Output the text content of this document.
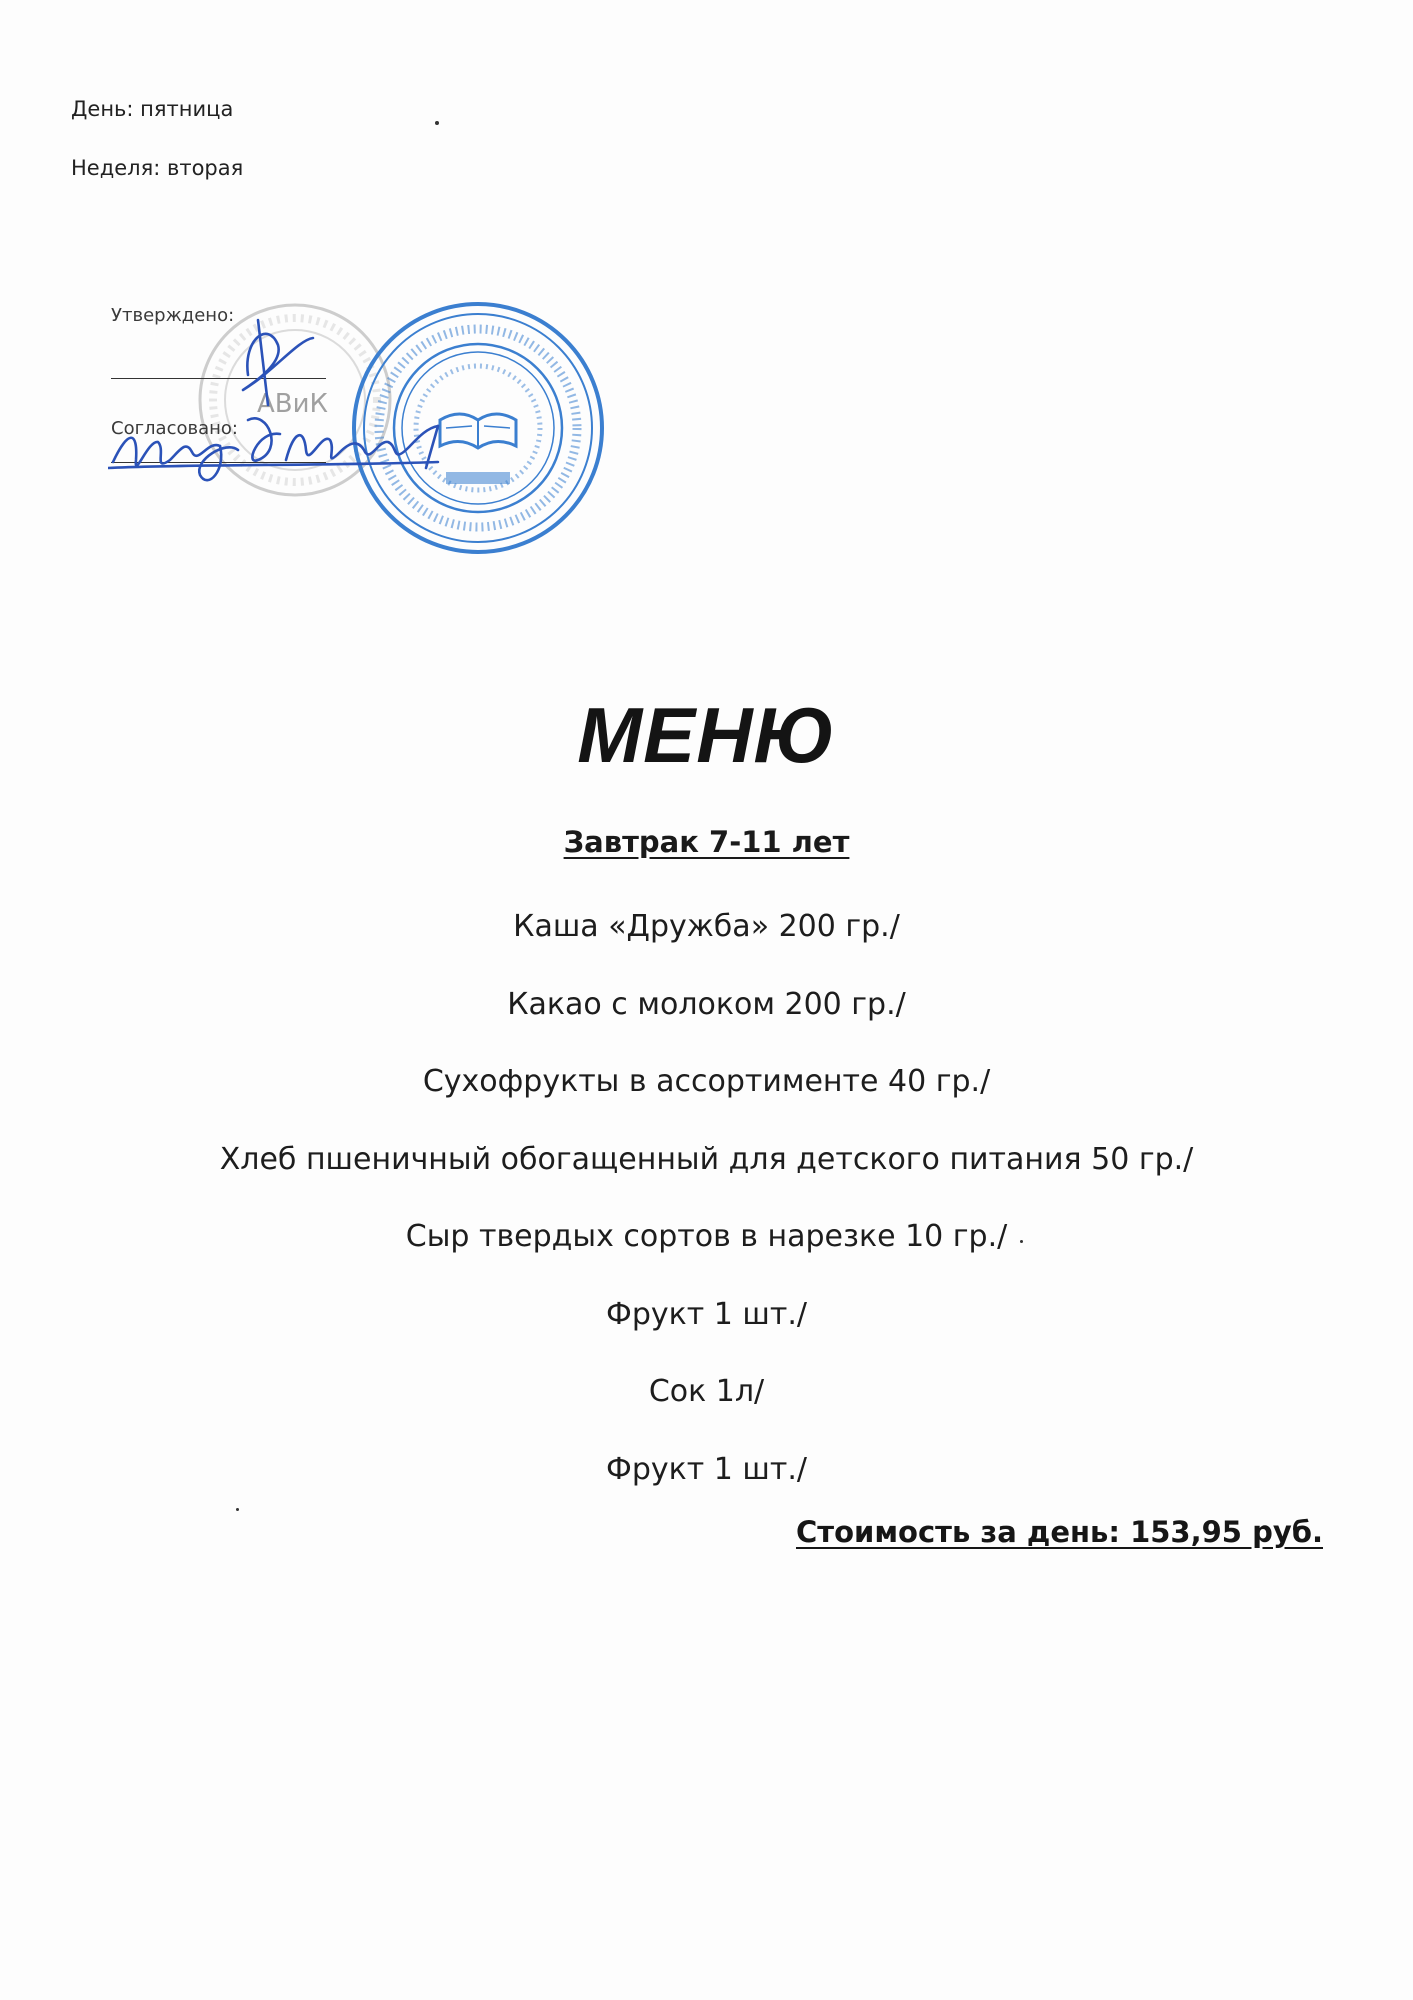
День: пятница
Неделя: вторая
АВиК
Утверждено:
Согласовано:
МЕНЮ
Завтрак 7-11 лет
Каша «Дружба» 200 гр./
Какао с молоком 200 гр./
Сухофрукты в ассортименте 40 гр./
Хлеб пшеничный обогащенный для детского питания 50 гр./
Сыр твердых сортов в нарезке 10 гр./
Фрукт 1 шт./
Сок 1л/
Фрукт 1 шт./
Стоимость за день: 153,95 руб.
